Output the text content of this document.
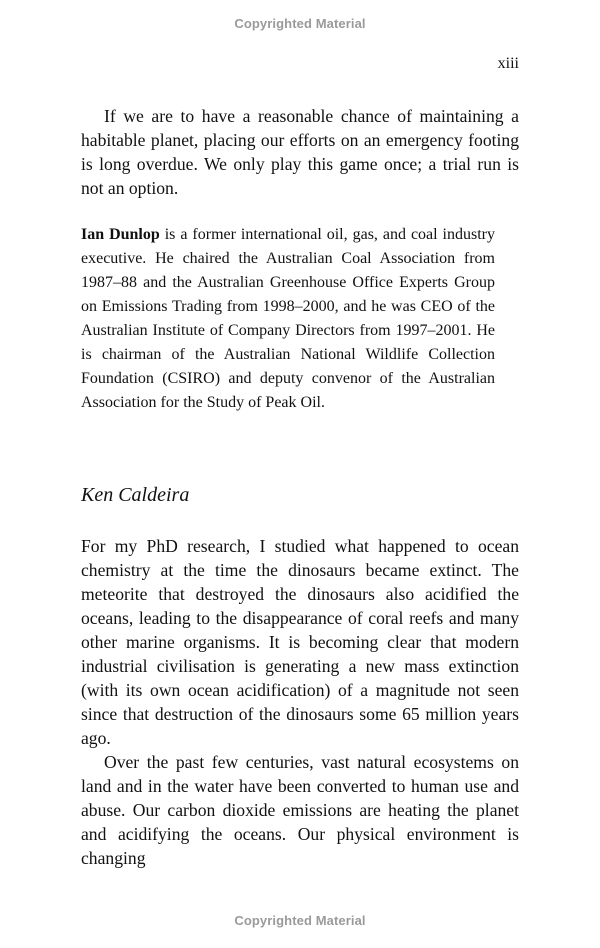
Copyrighted Material
xiii

If we are to have a reasonable chance of maintaining a habitable planet, placing our efforts on an emergency footing is long overdue. We only play this game once; a trial run is not an option.

Ian Dunlop is a former international oil, gas, and coal industry executive. He chaired the Australian Coal Association from 1987–88 and the Australian Greenhouse Office Experts Group on Emissions Trading from 1998–2000, and he was CEO of the Australian Institute of Company Directors from 1997–2001. He is chairman of the Australian National Wildlife Collection Foundation (CSIRO) and deputy convenor of the Australian Association for the Study of Peak Oil.

Ken Caldeira

For my PhD research, I studied what happened to ocean chemistry at the time the dinosaurs became extinct. The meteorite that destroyed the dinosaurs also acidified the oceans, leading to the disappearance of coral reefs and many other marine organisms. It is becoming clear that modern industrial civilisation is generating a new mass extinction (with its own ocean acidification) of a magnitude not seen since that destruction of the dinosaurs some 65 million years ago.

Over the past few centuries, vast natural ecosystems on land and in the water have been converted to human use and abuse. Our carbon dioxide emissions are heating the planet and acidifying the oceans. Our physical environment is changing

Copyrighted Material
